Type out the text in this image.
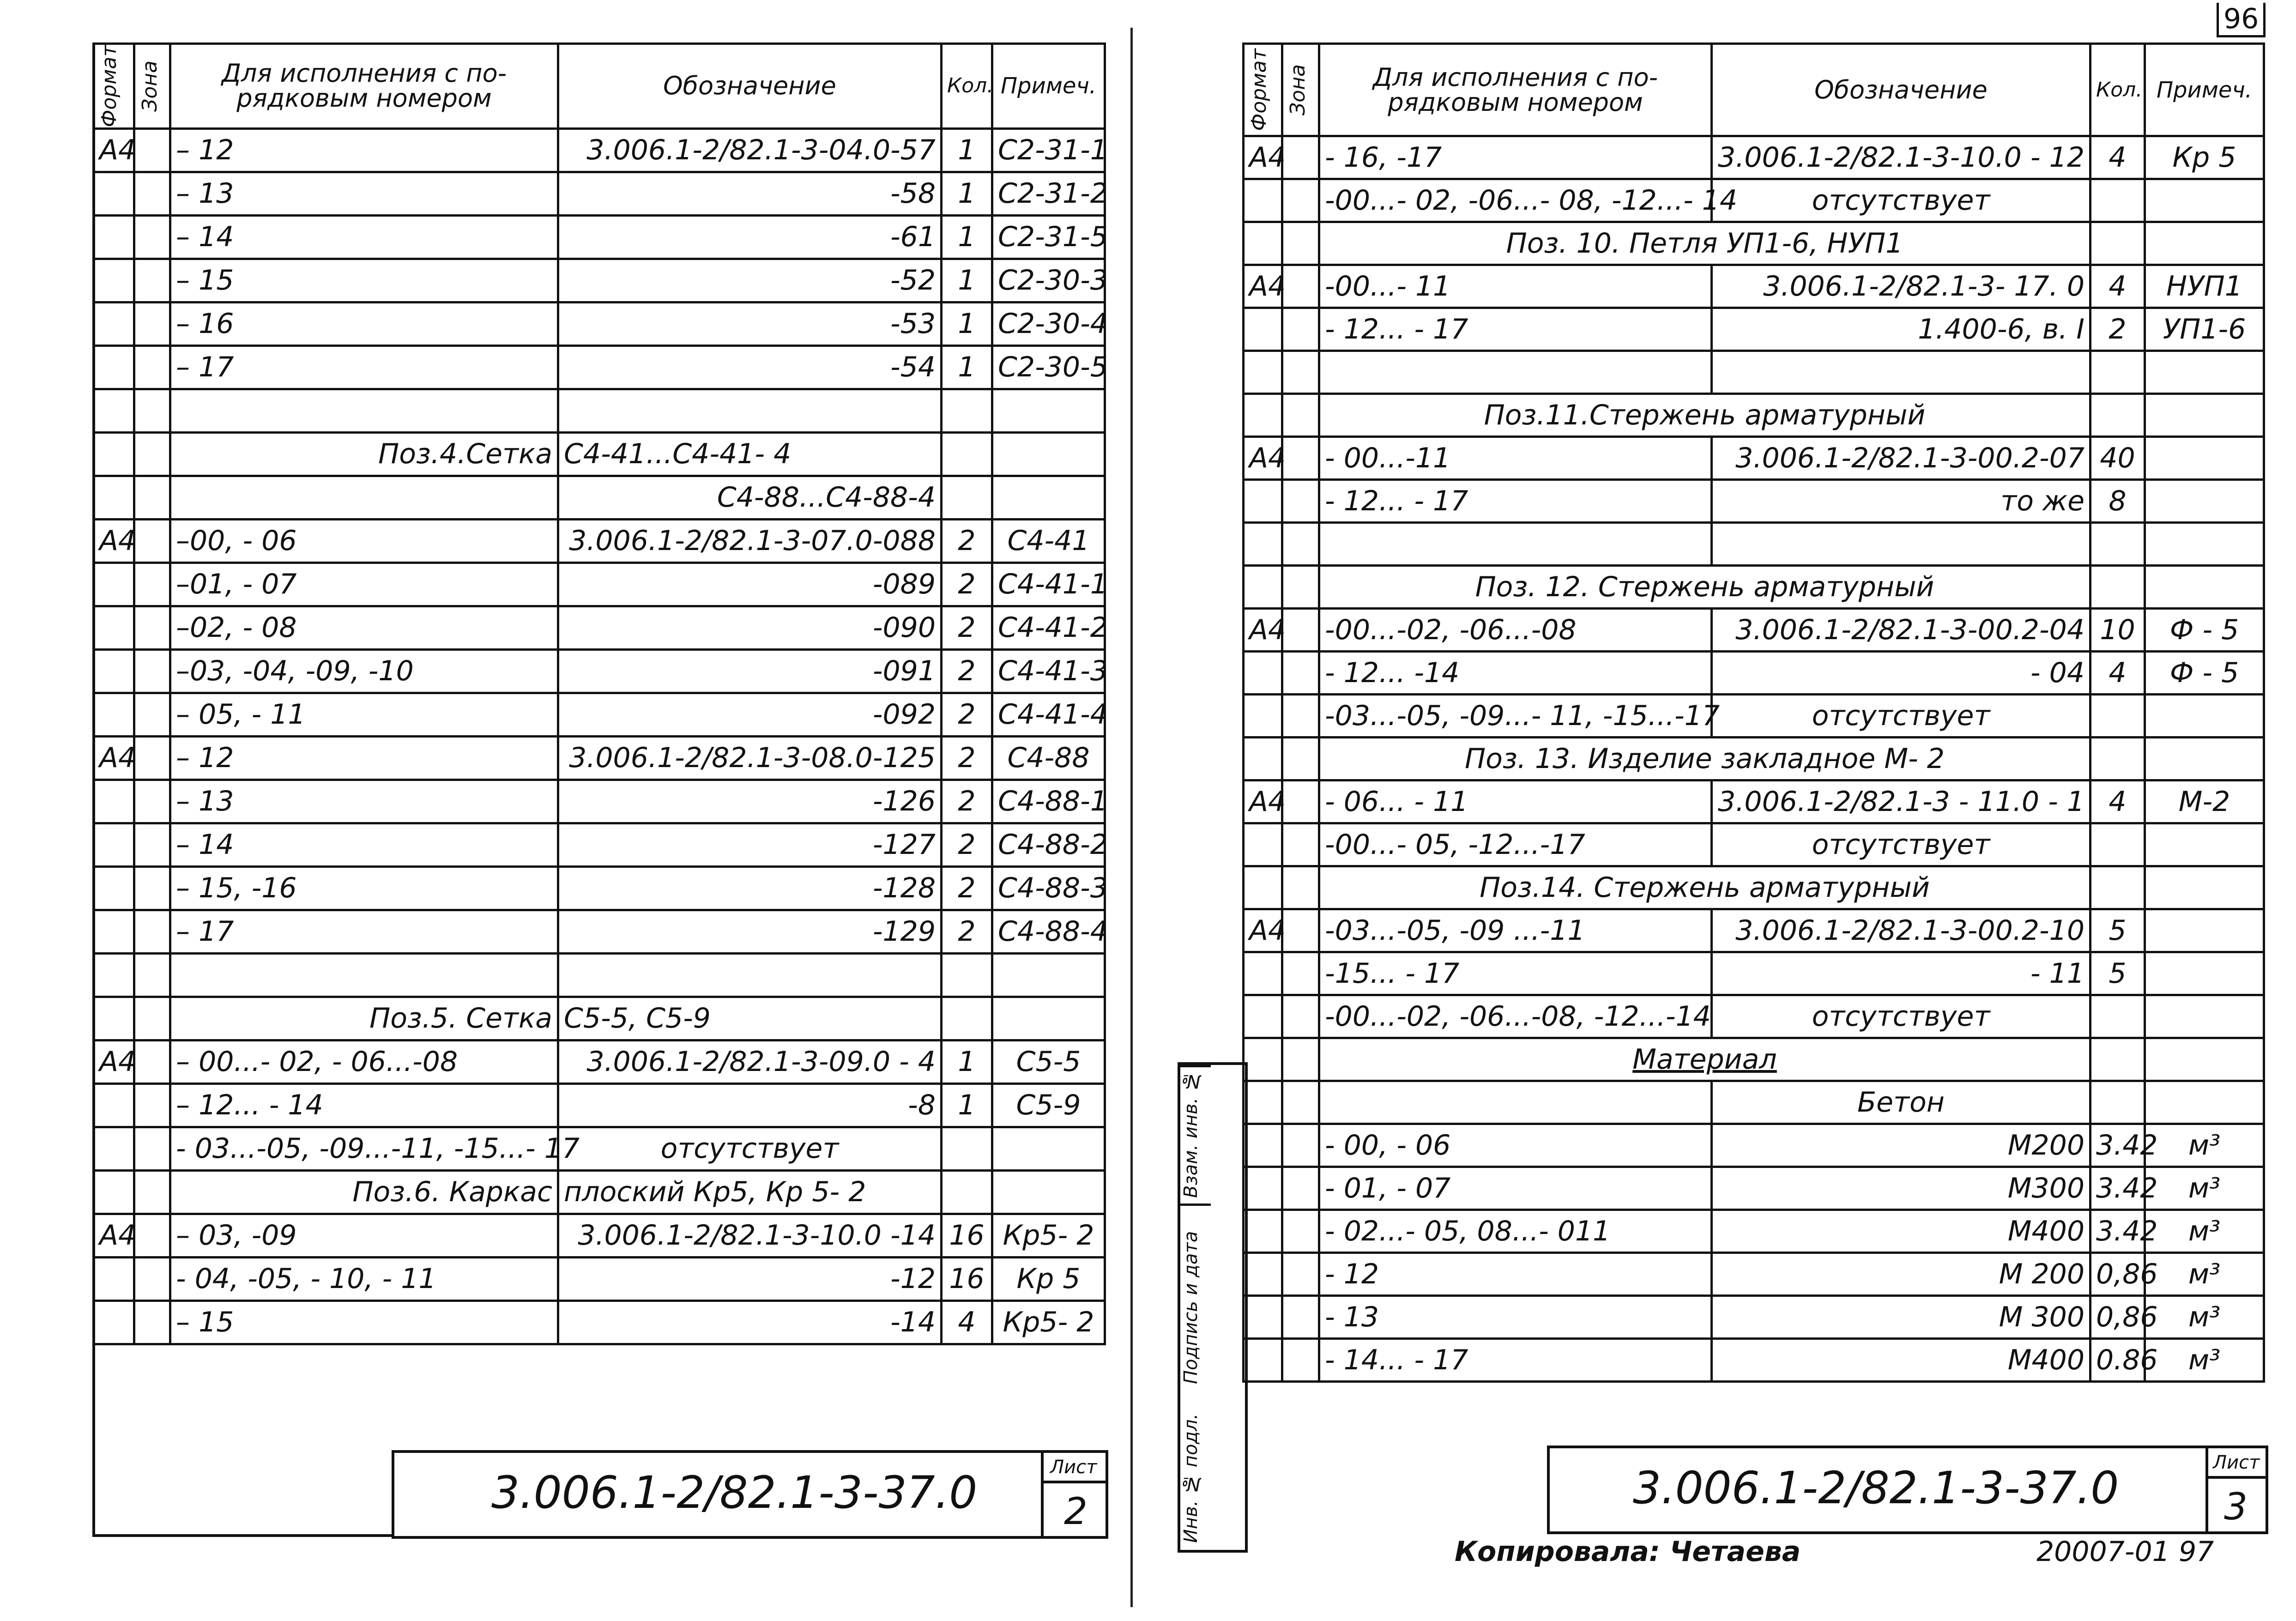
Формат	Зона	Для исполнения с по-рядковым номером	Обозначение	Кол.	Примеч.
А4		– 12	3.006.1-2/82.1-3-04.0-57	1	С2-31-1
		– 13	-58	1	С2-31-2
		– 14	-61	1	С2-31-5
		– 15	-52	1	С2-30-3
		– 16	-53	1	С2-30-4
		– 17	-54	1	С2-30-5

		Поз.4.Сетка	С4-41...С4-41- 4		
			С4-88...С4-88-4		
А4		–00, - 06	3.006.1-2/82.1-3-07.0-088	2	С4-41
		–01, - 07	-089	2	С4-41-1
		–02, - 08	-090	2	С4-41-2
		–03, -04, -09, -10	-091	2	С4-41-3
		– 05, - 11	-092	2	С4-41-4
А4		– 12	3.006.1-2/82.1-3-08.0-125	2	С4-88
		– 13	-126	2	С4-88-1
		– 14	-127	2	С4-88-2
		– 15, -16	-128	2	С4-88-3
		– 17	-129	2	С4-88-4

		Поз.5. Сетка	С5-5, С5-9		
А4		– 00...- 02, - 06...-08	3.006.1-2/82.1-3-09.0 - 4	1	С5-5
		– 12... - 14	-8	1	С5-9
		- 03...-05, -09...-11, -15...- 17	отсутствует		
		Поз.6. Каркас	плоский Кр5, Кр 5- 2		
А4		– 03, -09	3.006.1-2/82.1-3-10.0 -14	16	Кр5- 2
		- 04, -05, - 10, - 11	-12	16	Кр 5
		– 15	-14	4	Кр5- 2
3.006.1-2/82.1-3-37.0	Лист
2
96
Формат	Зона	Для исполнения с по-рядковым номером	Обозначение	Кол.	Примеч.
А4		- 16, -17	3.006.1-2/82.1-3-10.0 - 12	4	Кр 5
		-00...- 02, -06...- 08, -12...- 14	отсутствует		
		Поз. 10. Петля УП1-6, НУП1			
А4		-00...- 11	3.006.1-2/82.1-3- 17. 0	4	НУП1
		- 12... - 17	1.400-6, в. I	2	УП1-6

		Поз.11.Стержень арматурный			
А4		- 00...-11	3.006.1-2/82.1-3-00.2-07	40	
		- 12... - 17	то же	8	

		Поз. 12. Стержень арматурный			
А4		-00...-02, -06...-08	3.006.1-2/82.1-3-00.2-04	10	Ф - 5
		- 12... -14	- 04	4	Ф - 5
		-03...-05, -09...- 11, -15...-17	отсутствует		
		Поз. 13. Изделие закладное М- 2			
А4		- 06... - 11	3.006.1-2/82.1-3 - 11.0 - 1	4	М-2
		-00...- 05, -12...-17	отсутствует		
		Поз.14. Стержень арматурный			
А4		-03...-05, -09 ...-11	3.006.1-2/82.1-3-00.2-10	5	
		-15... - 17	- 11	5	
		-00...-02, -06...-08, -12...-14	отсутствует		
		Материал			
			Бетон		
		- 00, - 06	М200	3.42	м³
		- 01, - 07	М300	3.42	м³
		- 02...- 05, 08...- 011	М400	3.42	м³
		- 12	М 200	0,86	м³
		- 13	М 300	0,86	м³
		- 14... - 17	М400	0.86	м³
Взам. инв. №
Подпись и дата
Инв. № подл.	3.006.1-2/82.1-3-37.0	Лист
3
Копировала: Четаева	20007-01 97
